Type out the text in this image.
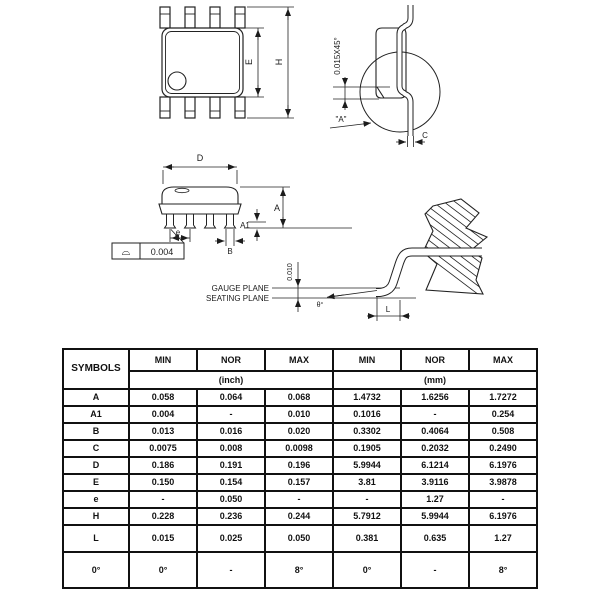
E H	0.015X45°
"A"
C
D
A
A1
e
B
⌓ 0.004
GAUGE PLANE
SEATING PLANE
0.010
θ°	L
SYMBOLS	MIN	NOR	MAX	MIN	NOR	MAX
	(inch)			(mm)		
A	0.058	0.064	0.068	1.4732	1.6256	1.7272
A1	0.004	-	0.010	0.1016	-	0.254
B	0.013	0.016	0.020	0.3302	0.4064	0.508
C	0.0075	0.008	0.0098	0.1905	0.2032	0.2490
D	0.186	0.191	0.196	5.9944	6.1214	6.1976
E	0.150	0.154	0.157	3.81	3.9116	3.9878
e	-	0.050	-	-	1.27	-
H	0.228	0.236	0.244	5.7912	5.9944	6.1976
L	0.015	0.025	0.050	0.381	0.635	1.27
0°	0°	-	8°	0°	-	8°
